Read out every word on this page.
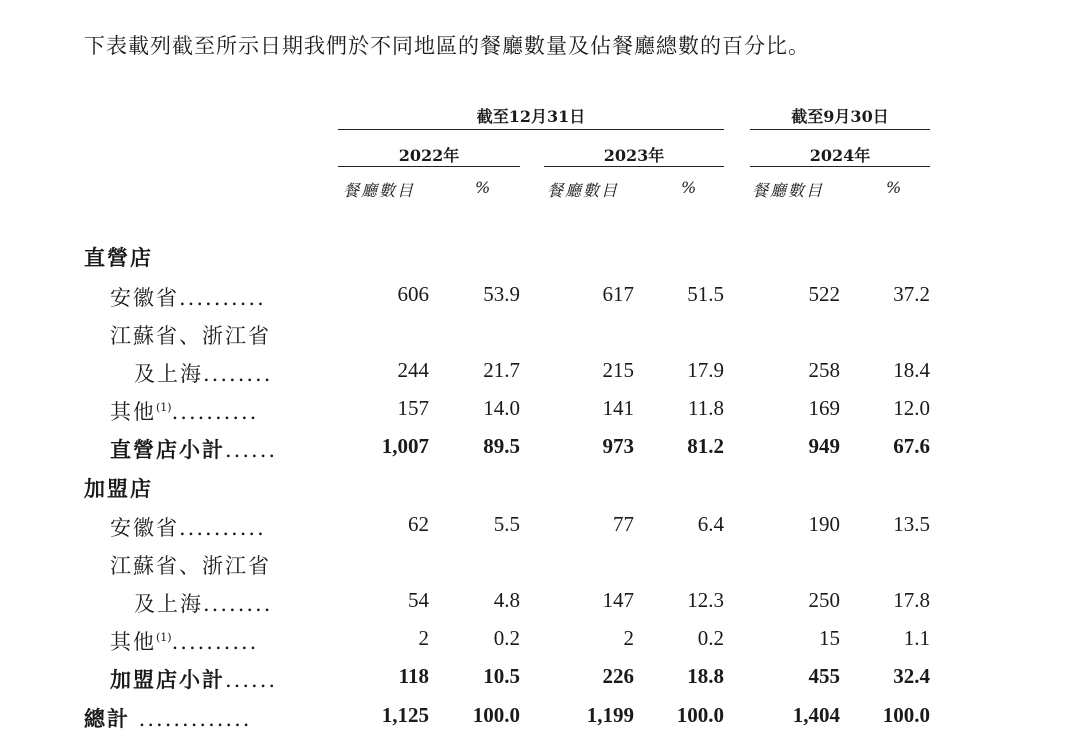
下表載列截至所示日期我們於不同地區的餐廳數量及佔餐廳總數的百分比。
截至12月31日	截至9月30日
2022年	2023年	2024年
餐廳數目	%	餐廳數目	%	餐廳數目	%
直營店
安徽省..........	606	53.9	617	51.5	522	37.2
江蘇省、浙江省
及上海........	244	21.7	215	17.9	258	18.4
其他$^{(1)}$..........	157	14.0	141	11.8	169	12.0
直營店小計......	1,007	89.5	973	81.2	949	67.6
加盟店
安徽省..........	62	5.5	77	6.4	190	13.5
江蘇省、浙江省
及上海........	54	4.8	147	12.3	250	17.8
其他$^{(1)}$..........	2	0.2	2	0.2	15	1.1
加盟店小計......	118	10.5	226	18.8	455	32.4
總計 .............	1,125	100.0	1,199	100.0	1,404	100.0
